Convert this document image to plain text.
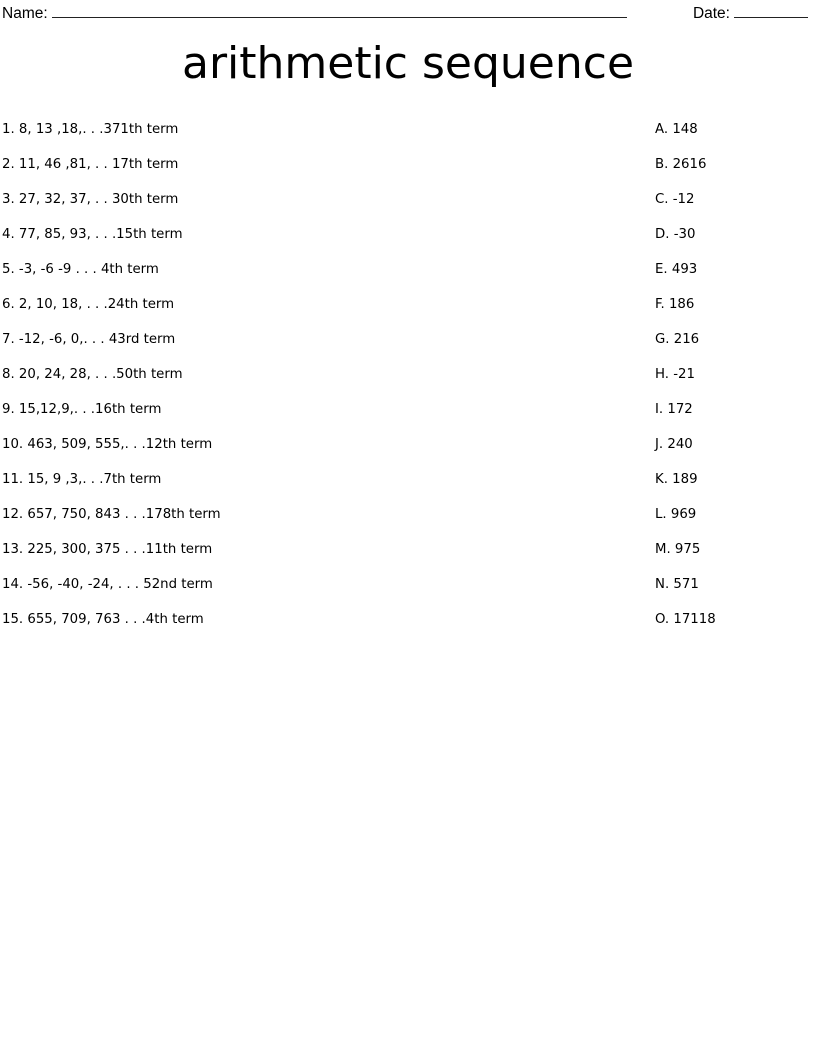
Name:	Date:
arithmetic sequence
1. 8, 13 ,18,. . .371th term
2. 11, 46 ,81, . . 17th term
3. 27, 32, 37, . . 30th term
4. 77, 85, 93, . . .15th term
5. -3, -6 -9 . . . 4th term
6. 2, 10, 18, . . .24th term
7. -12, -6, 0,. . . 43rd term
8. 20, 24, 28, . . .50th term
9. 15,12,9,. . .16th term
10. 463, 509, 555,. . .12th term
11. 15, 9 ,3,. . .7th term
12. 657, 750, 843 . . .178th term
13. 225, 300, 375 . . .11th term
14. -56, -40, -24, . . . 52nd term
15. 655, 709, 763 . . .4th term
A. 148
B. 2616
C. -12
D. -30
E. 493
F. 186
G. 216
H. -21
I. 172
J. 240
K. 189
L. 969
M. 975
N. 571
O. 17118
